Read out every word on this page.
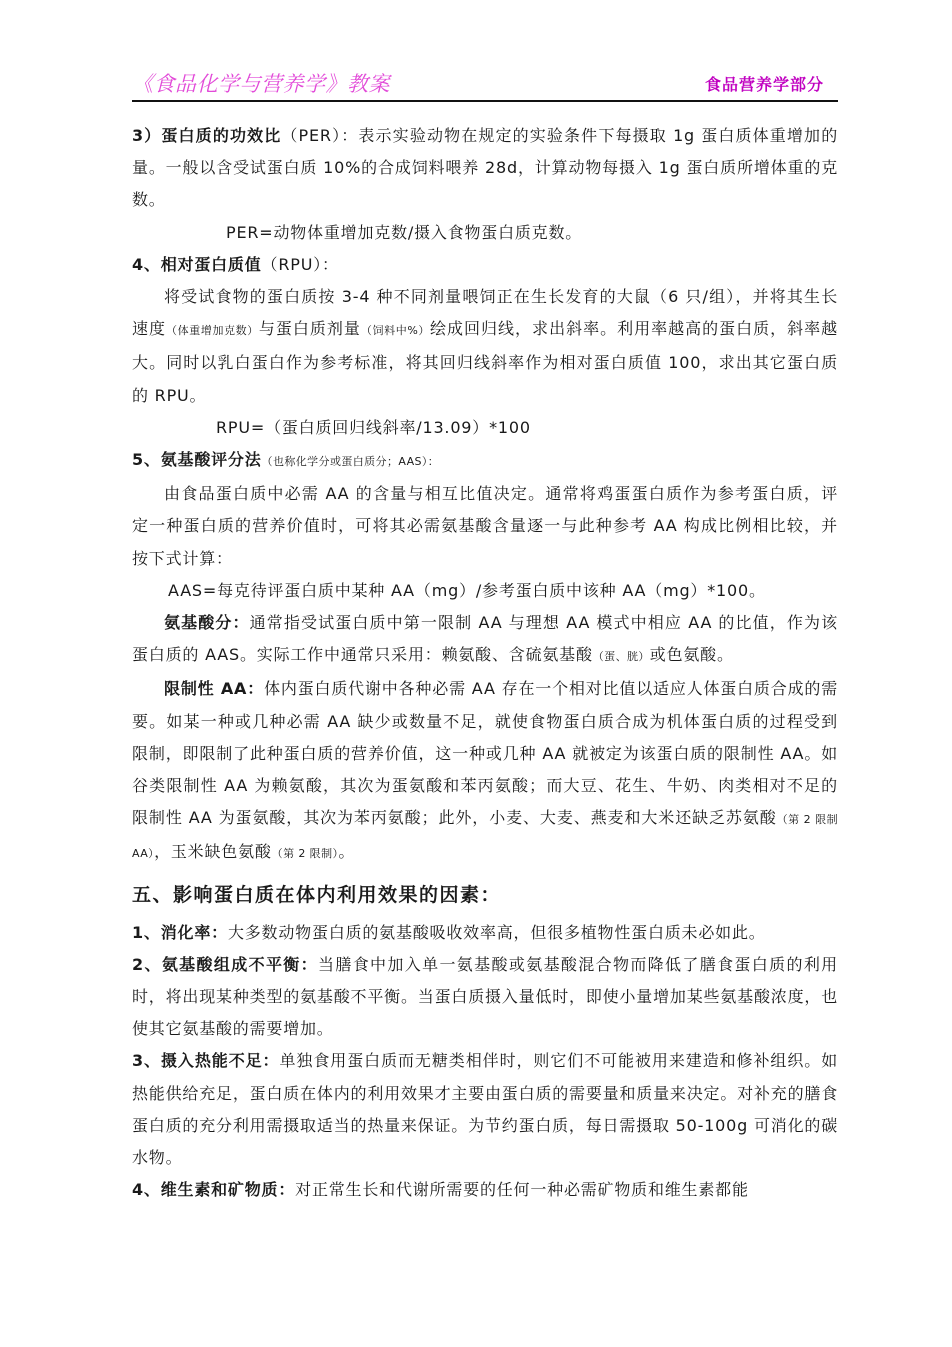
《食品化学与营养学》教案	食品营养学部分

3）蛋白质的功效比（PER）：表示实验动物在规定的实验条件下每摄取 1g 蛋白质体重增加的量。一般以含受试蛋白质 10%的合成饲料喂养 28d，计算动物每摄入 1g 蛋白质所增体重的克数。

PER=动物体重增加克数/摄入食物蛋白质克数。

4、相对蛋白质值（RPU）：

将受试食物的蛋白质按 3-4 种不同剂量喂饲正在生长发育的大鼠（6 只/组），并将其生长速度（体重增加克数）与蛋白质剂量（饲料中%）绘成回归线，求出斜率。利用率越高的蛋白质，斜率越大。同时以乳白蛋白作为参考标准，将其回归线斜率作为相对蛋白质值 100，求出其它蛋白质的 RPU。

RPU=（蛋白质回归线斜率/13.09）*100

5、氨基酸评分法（也称化学分或蛋白质分；AAS）：

由食品蛋白质中必需 AA 的含量与相互比值决定。通常将鸡蛋蛋白质作为参考蛋白质，评定一种蛋白质的营养价值时，可将其必需氨基酸含量逐一与此种参考 AA 构成比例相比较，并按下式计算：

AAS=每克待评蛋白质中某种 AA（mg）/参考蛋白质中该种 AA（mg）*100。

氨基酸分：通常指受试蛋白质中第一限制 AA 与理想 AA 模式中相应 AA 的比值，作为该蛋白质的 AAS。实际工作中通常只采用：赖氨酸、含硫氨基酸（蛋、胱）或色氨酸。

限制性 AA：体内蛋白质代谢中各种必需 AA 存在一个相对比值以适应人体蛋白质合成的需要。如某一种或几种必需 AA 缺少或数量不足，就使食物蛋白质合成为机体蛋白质的过程受到限制，即限制了此种蛋白质的营养价值，这一种或几种 AA 就被定为该蛋白质的限制性 AA。如谷类限制性 AA 为赖氨酸，其次为蛋氨酸和苯丙氨酸；而大豆、花生、牛奶、肉类相对不足的限制性 AA 为蛋氨酸，其次为苯丙氨酸；此外，小麦、大麦、燕麦和大米还缺乏苏氨酸（第 2 限制 AA），玉米缺色氨酸（第 2 限制）。

五、影响蛋白质在体内利用效果的因素：

1、消化率：大多数动物蛋白质的氨基酸吸收效率高，但很多植物性蛋白质未必如此。

2、氨基酸组成不平衡：当膳食中加入单一氨基酸或氨基酸混合物而降低了膳食蛋白质的利用时，将出现某种类型的氨基酸不平衡。当蛋白质摄入量低时，即使小量增加某些氨基酸浓度，也使其它氨基酸的需要增加。

3、摄入热能不足：单独食用蛋白质而无糖类相伴时，则它们不可能被用来建造和修补组织。如热能供给充足，蛋白质在体内的利用效果才主要由蛋白质的需要量和质量来决定。对补充的膳食蛋白质的充分利用需摄取适当的热量来保证。为节约蛋白质，每日需摄取 50-100g 可消化的碳水物。

4、维生素和矿物质：对正常生长和代谢所需要的任何一种必需矿物质和维生素都能
